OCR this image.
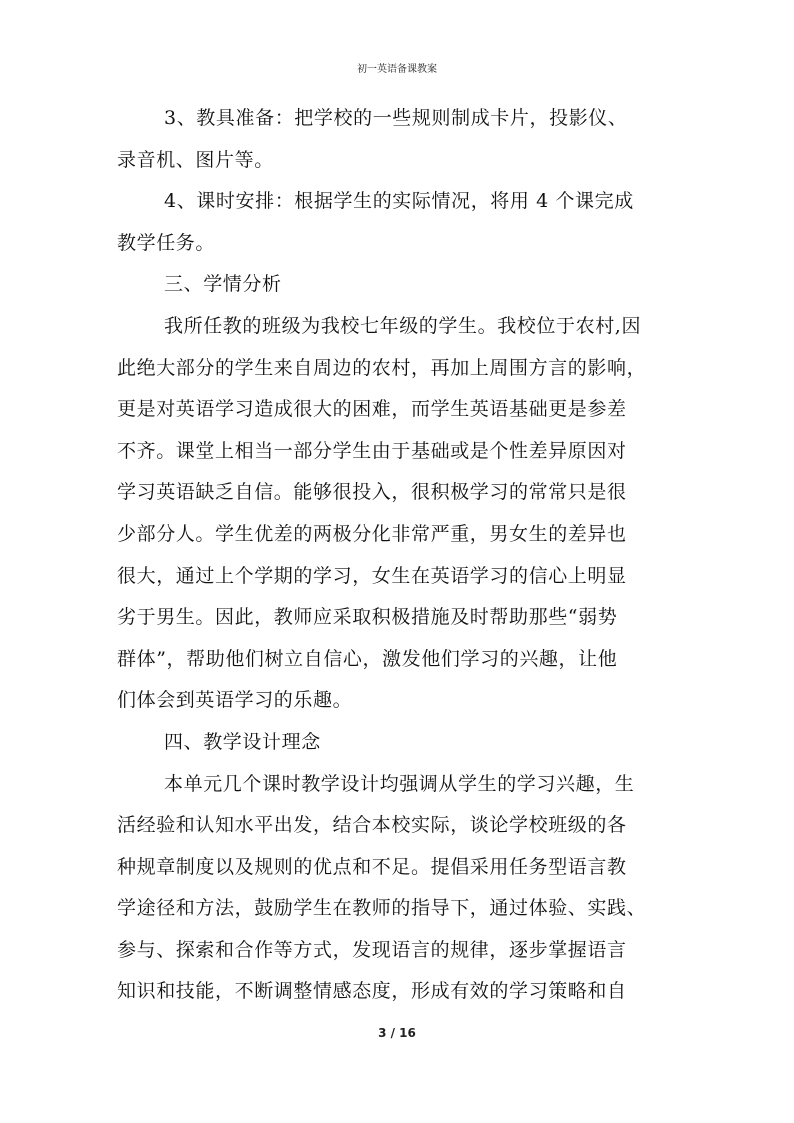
初一英语备课教案
3、教具准备：把学校的一些规则制成卡片，投影仪、
录音机、图片等。
4、课时安排：根据学生的实际情况，将用 4 个课完成
教学任务。
三、学情分析
我所任教的班级为我校七年级的学生。我校位于农村,因
此绝大部分的学生来自周边的农村，再加上周围方言的影响，
更是对英语学习造成很大的困难，而学生英语基础更是参差
不齐。课堂上相当一部分学生由于基础或是个性差异原因对
学习英语缺乏自信。能够很投入，很积极学习的常常只是很
少部分人。学生优差的两极分化非常严重，男女生的差异也
很大，通过上个学期的学习，女生在英语学习的信心上明显
劣于男生。因此，教师应采取积极措施及时帮助那些“弱势
群体”，帮助他们树立自信心，激发他们学习的兴趣，让他
们体会到英语学习的乐趣。
四、教学设计理念
本单元几个课时教学设计均强调从学生的学习兴趣，生
活经验和认知水平出发，结合本校实际，谈论学校班级的各
种规章制度以及规则的优点和不足。提倡采用任务型语言教
学途径和方法，鼓励学生在教师的指导下，通过体验、实践、
参与、探索和合作等方式，发现语言的规律，逐步掌握语言
知识和技能，不断调整情感态度，形成有效的学习策略和自
3 / 16
